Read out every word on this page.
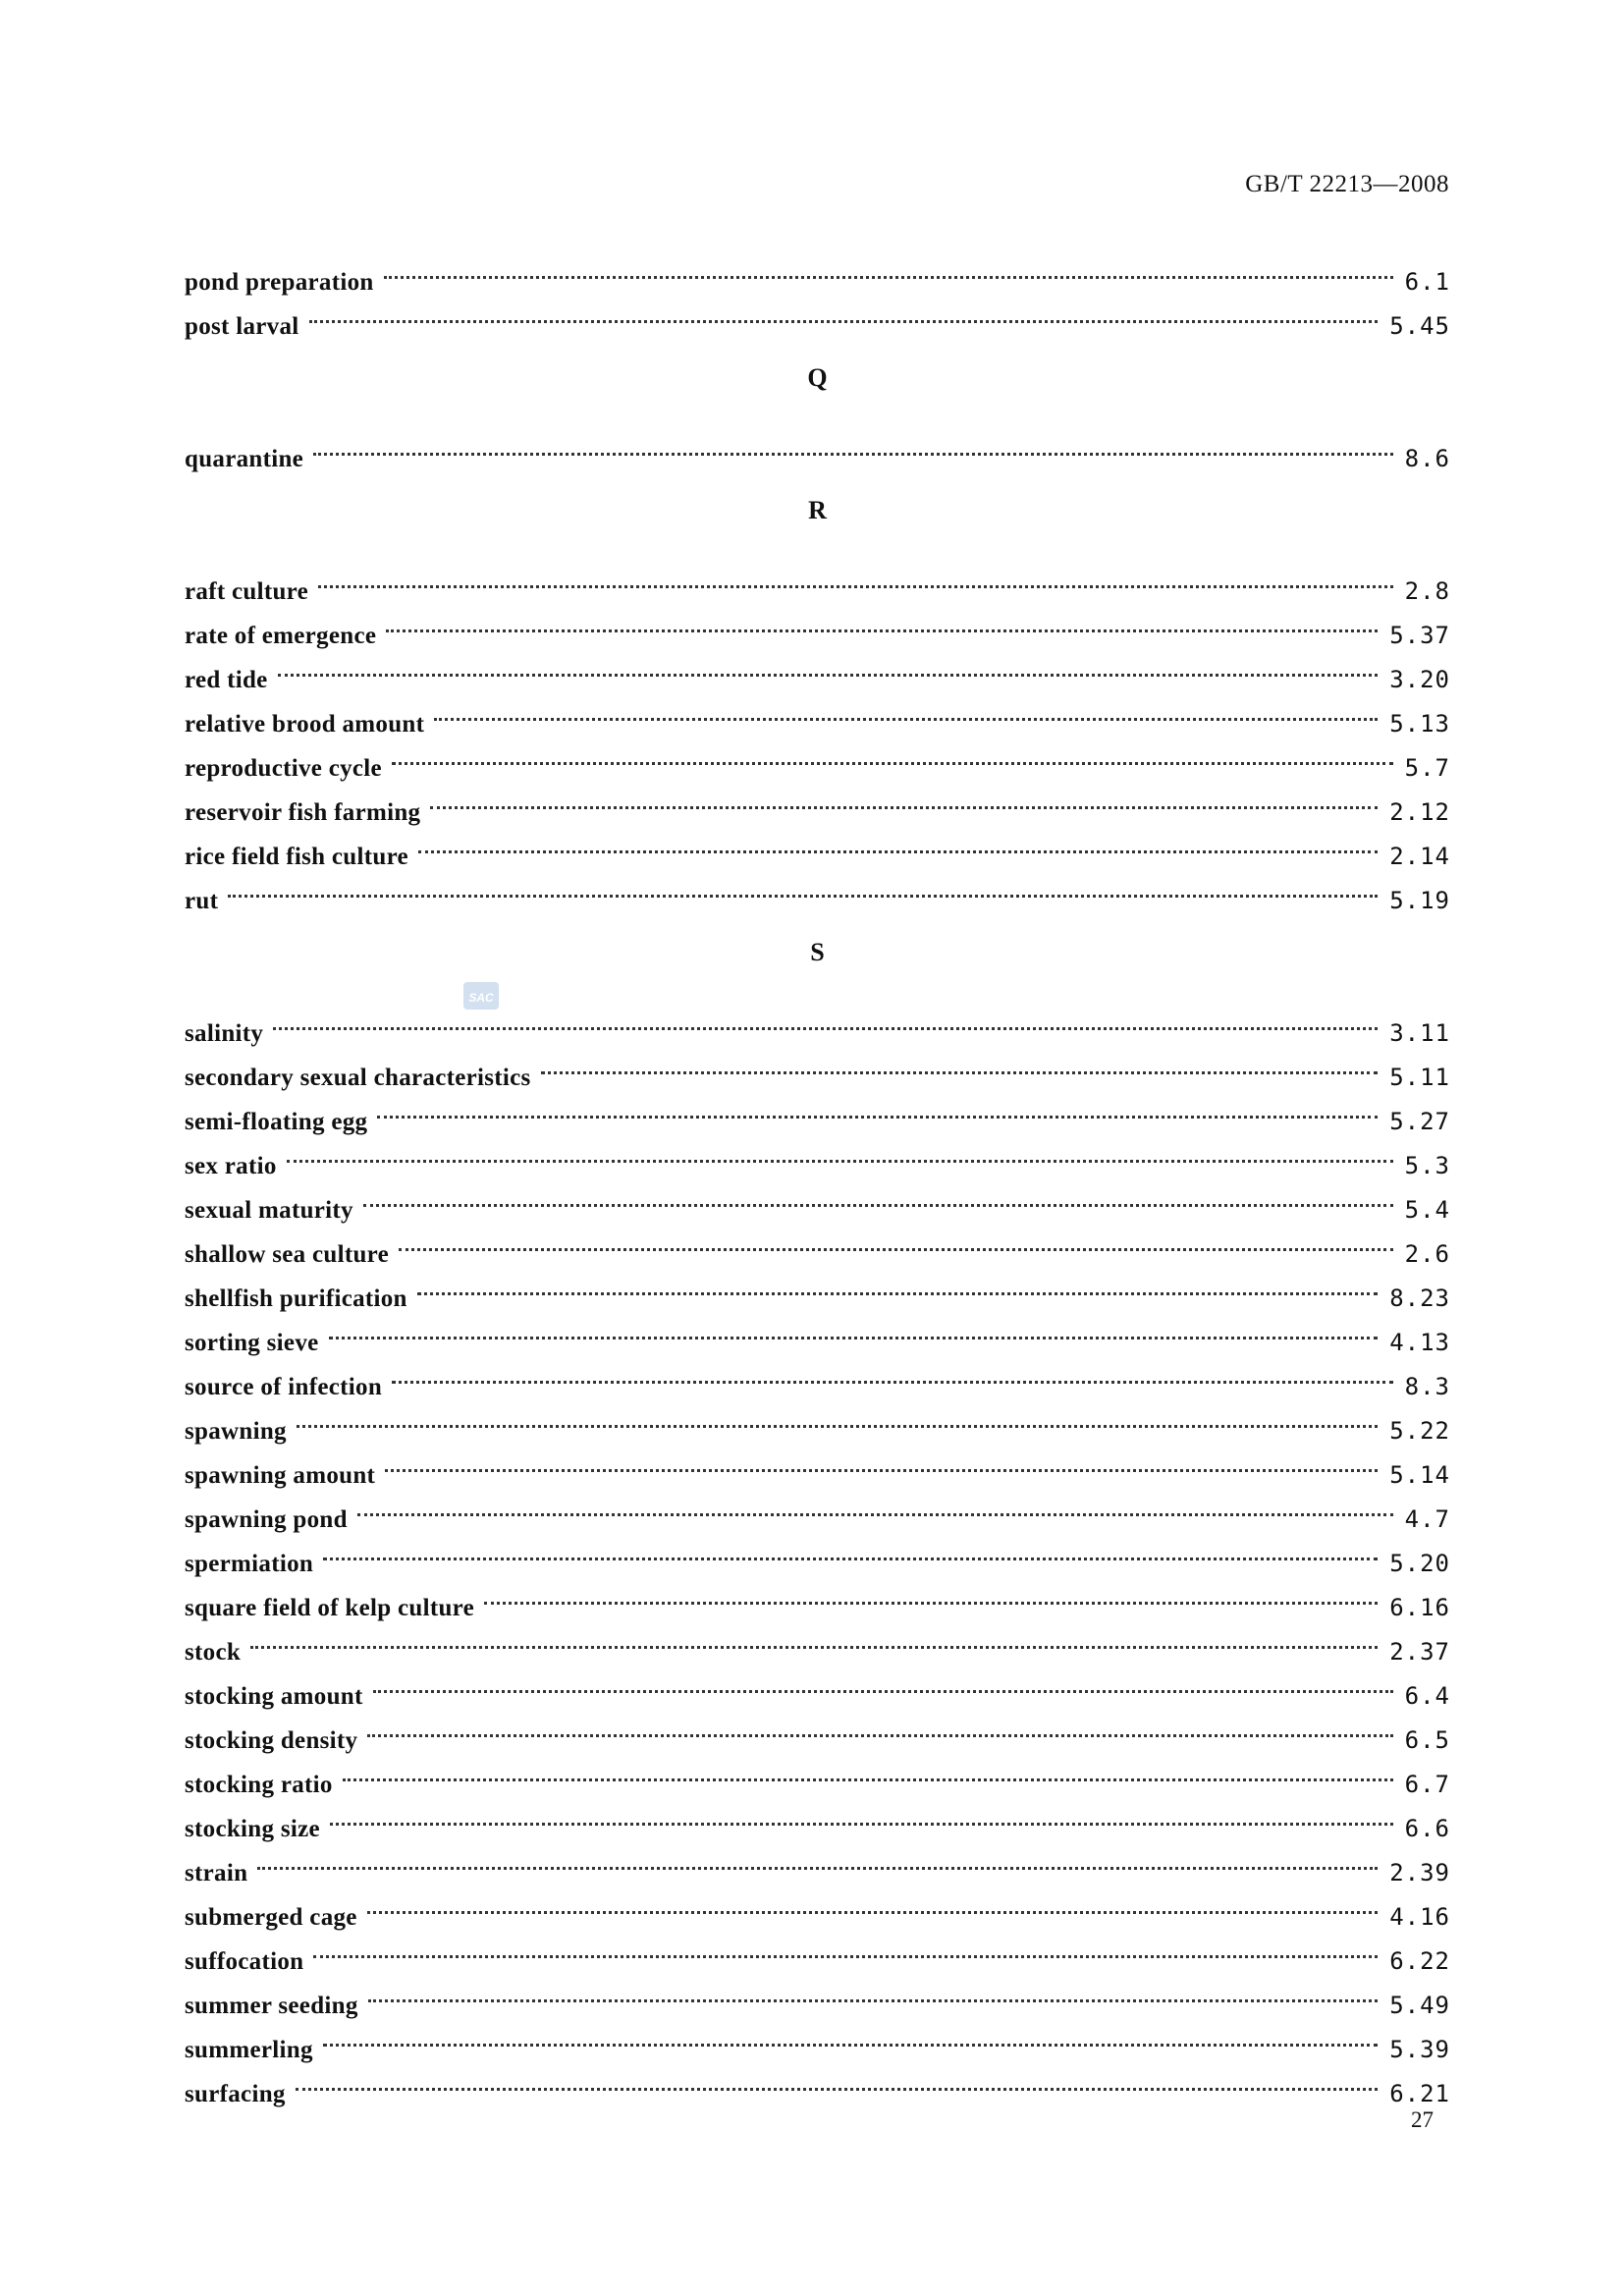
GB/T 22213—2008
pond preparation	6.1
post larval	5.45
Q
quarantine	8.6
R
raft culture	2.8
rate of emergence	5.37
red tide	3.20
relative brood amount	5.13
reproductive cycle	5.7
reservoir fish farming	2.12
rice field fish culture	2.14
rut	5.19
S
salinity	3.11
secondary sexual characteristics	5.11
semi-floating egg	5.27
sex ratio	5.3
sexual maturity	5.4
shallow sea culture	2.6
shellfish purification	8.23
sorting sieve	4.13
source of infection	8.3
spawning	5.22
spawning amount	5.14
spawning pond	4.7
spermiation	5.20
square field of kelp culture	6.16
stock	2.37
stocking amount	6.4
stocking density	6.5
stocking ratio	6.7
stocking size	6.6
strain	2.39
submerged cage	4.16
suffocation	6.22
summer seeding	5.49
summerling	5.39
surfacing	6.21
SAC
27
